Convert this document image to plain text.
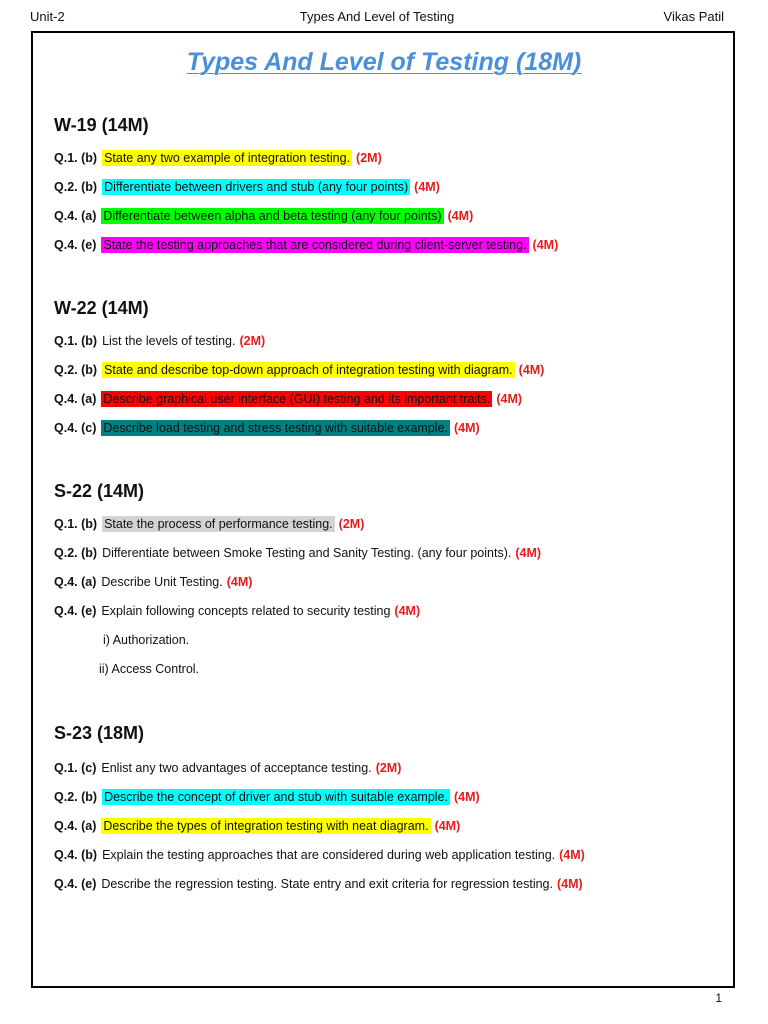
Unit-2	Types And Level of Testing	Vikas Patil
Types And Level of Testing (18M)
W-19 (14M)
Q.1. (b) State any two example of integration testing. (2M)
Q.2. (b) Differentiate between drivers and stub (any four points) (4M)
Q.4. (a) Differentiate between alpha and beta testing (any four points) (4M)
Q.4. (e) State the testing approaches that are considered during client-server testing. (4M)
W-22 (14M)
Q.1. (b) List the levels of testing. (2M)
Q.2. (b) State and describe top-down approach of integration testing with diagram. (4M)
Q.4. (a) Describe graphical user interface (GUI) testing and its important traits. (4M)
Q.4. (c) Describe load testing and stress testing with suitable example. (4M)
S-22 (14M)
Q.1. (b) State the process of performance testing. (2M)
Q.2. (b) Differentiate between Smoke Testing and Sanity Testing. (any four points). (4M)
Q.4. (a) Describe Unit Testing. (4M)
Q.4. (e) Explain following concepts related to security testing (4M)
i) Authorization.
ii) Access Control.
S-23 (18M)
Q.1. (c) Enlist any two advantages of acceptance testing. (2M)
Q.2. (b) Describe the concept of driver and stub with suitable example. (4M)
Q.4. (a) Describe the types of integration testing with neat diagram. (4M)
Q.4. (b) Explain the testing approaches that are considered during web application testing. (4M)
Q.4. (e) Describe the regression testing. State entry and exit criteria for regression testing. (4M)
1
